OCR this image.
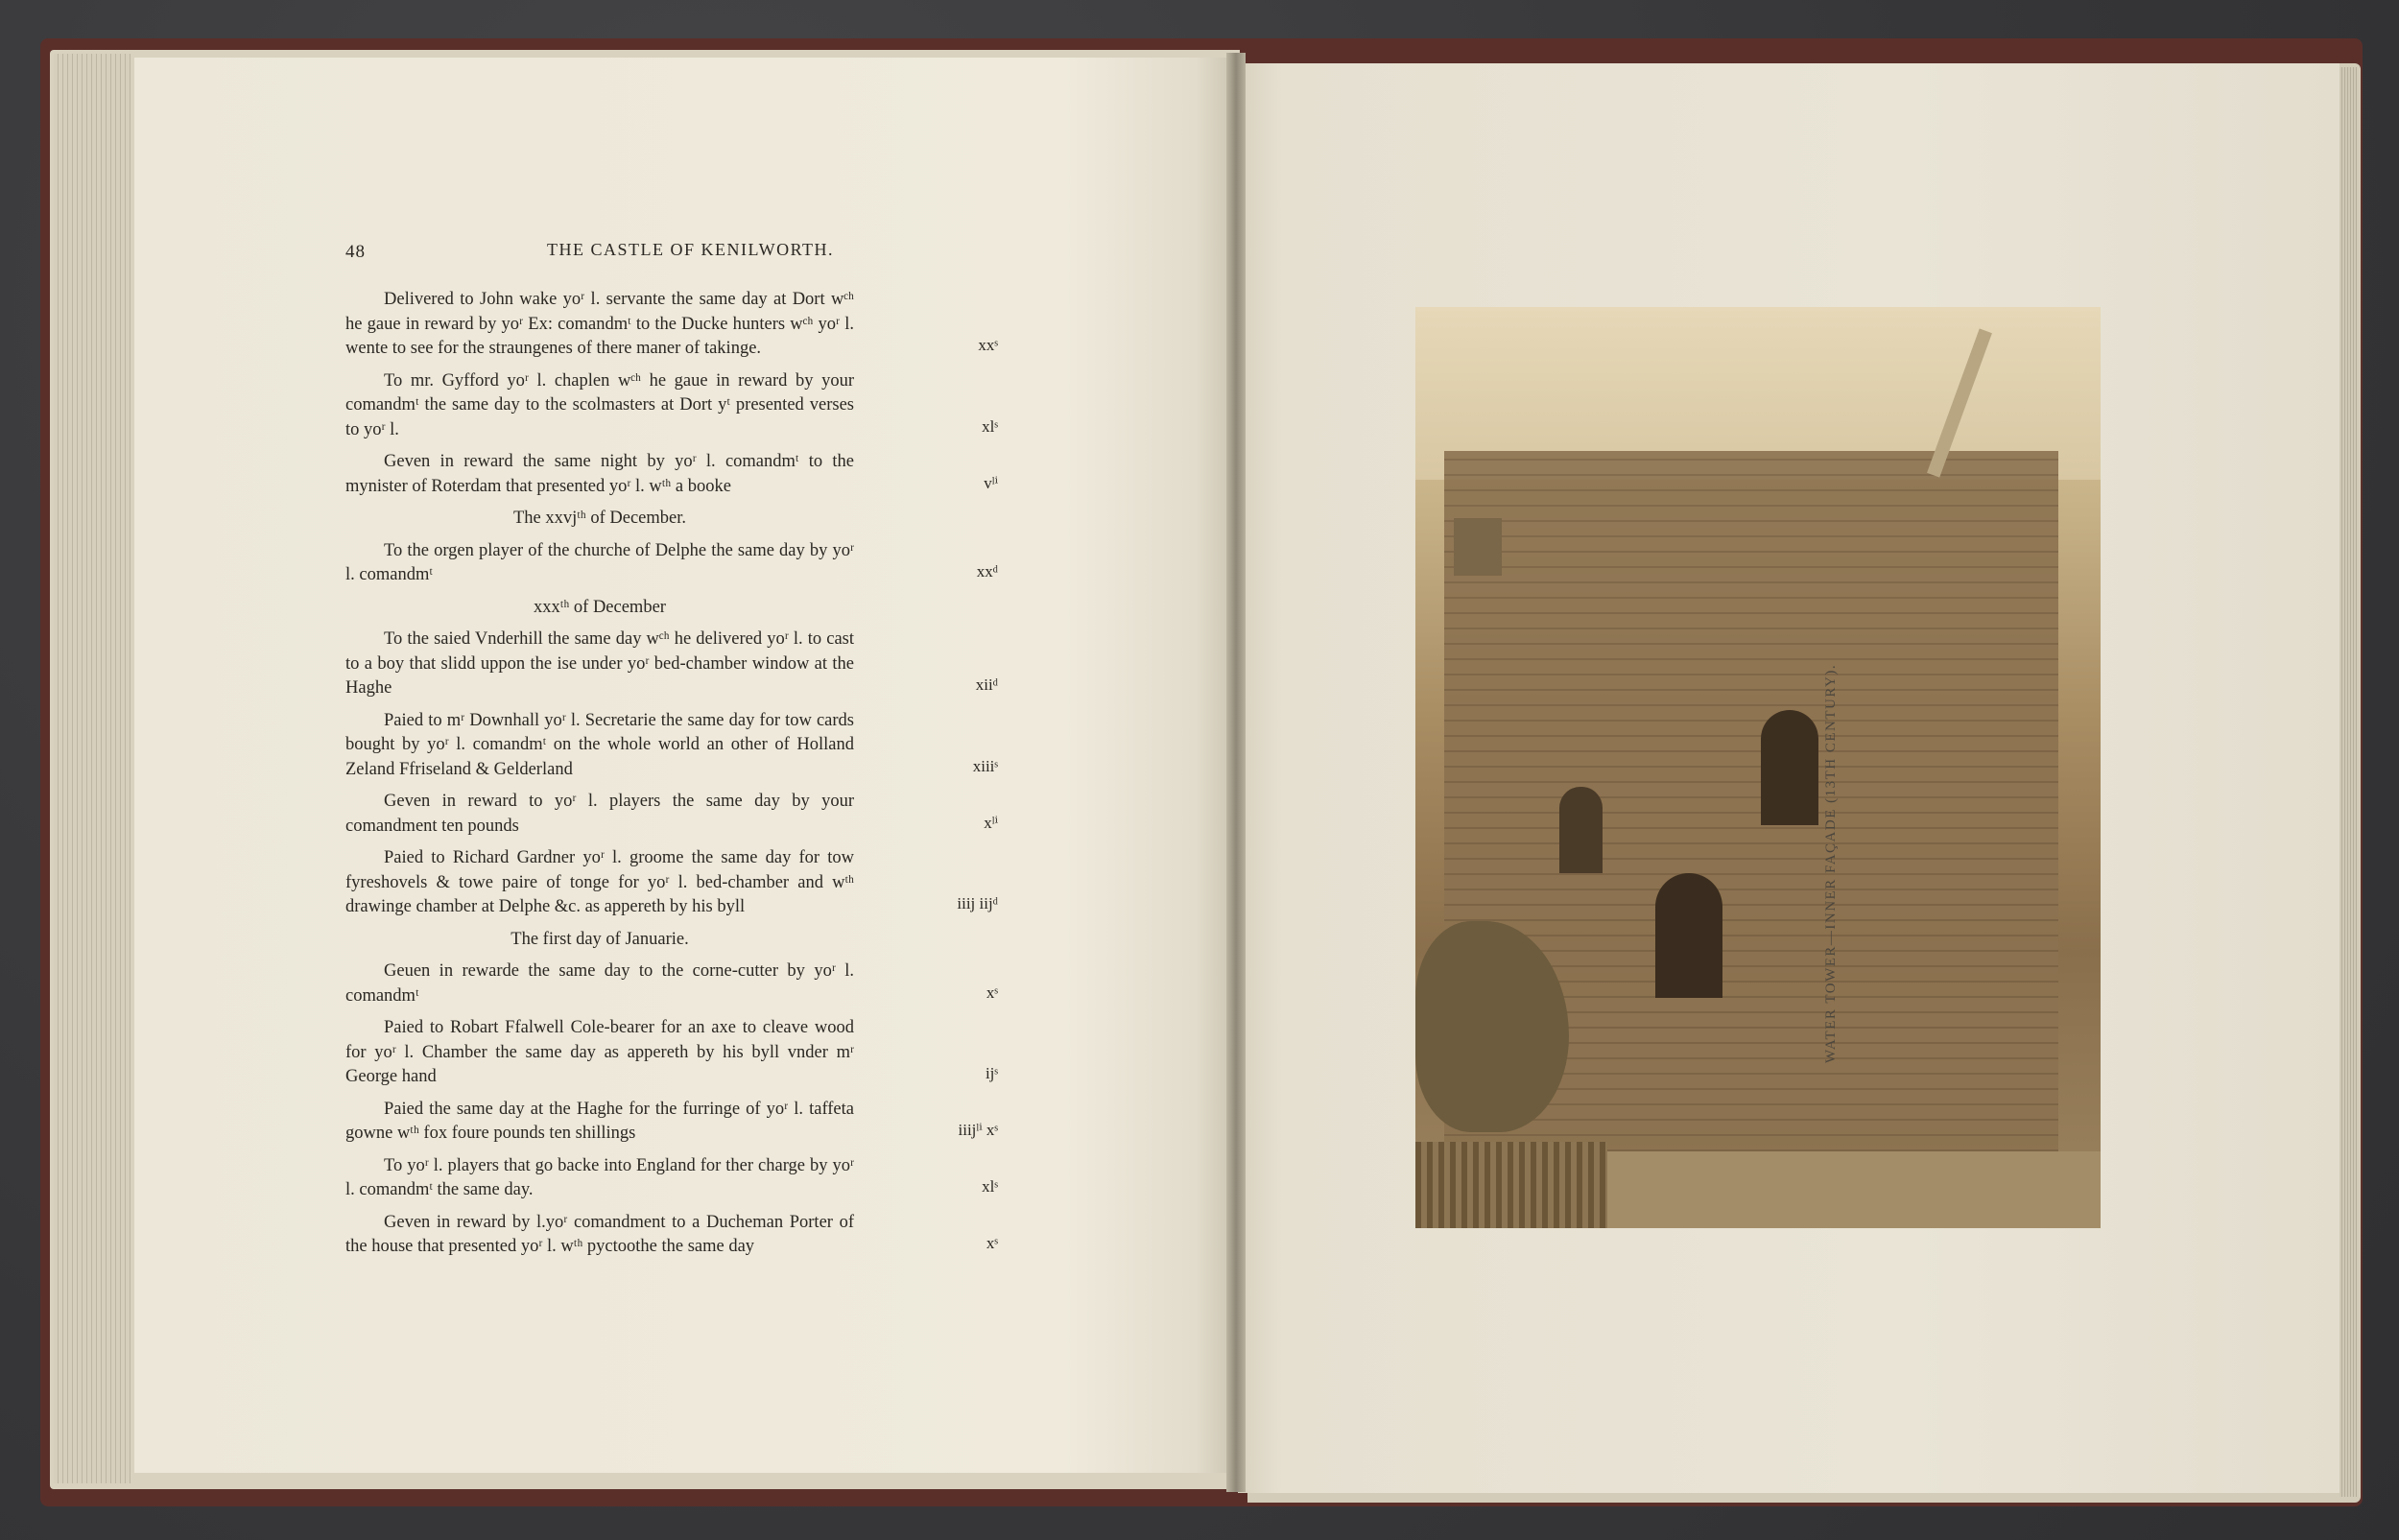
48	THE CASTLE OF KENILWORTH.

Delivered to John wake yoʳ l. servante the same day at Dort wᶜʰ he gaue in reward by yoʳ Ex: comandmᵗ to the Ducke hunters wᶜʰ yoʳ l. wente to see for the straungenes of there maner of takinge.	xxˢ

To mr. Gyfford yoʳ l. chaplen wᶜʰ he gaue in reward by your comandmᵗ the same day to the scolmasters at Dort yᵗ presented verses to yoʳ l.	xlˢ

Geven in reward the same night by yoʳ l. comandmᵗ to the mynister of Roterdam that presented yoʳ l. wᵗʰ a booke	vˡⁱ
The xxvjᵗʰ of December.

To the orgen player of the churche of Delphe the same day by yoʳ l. comandmᵗ	xxᵈ
xxxᵗʰ of December

To the saied Vnderhill the same day wᶜʰ he delivered yoʳ l. to cast to a boy that slidd uppon the ise under yoʳ bed-chamber window at the Haghe	xiiᵈ

Paied to mʳ Downhall yoʳ l. Secretarie the same day for tow cards bought by yoʳ l. comandmᵗ on the whole world an other of Holland Zeland Ffriseland & Gelderland	xiiiˢ

Geven in reward to yoʳ l. players the same day by your comandment ten pounds	xˡⁱ

Paied to Richard Gardner yoʳ l. groome the same day for tow fyreshovels & towe paire of tonge for yoʳ l. bed-chamber and wᵗʰ drawinge chamber at Delphe &c. as appereth by his byll	iiij iijᵈ
The first day of Januarie.

Geuen in rewarde the same day to the corne-cutter by yoʳ l. comandmᵗ	xˢ

Paied to Robart Ffalwell Cole-bearer for an axe to cleave wood for yoʳ l. Chamber the same day as appereth by his byll vnder mʳ George hand	ijˢ

Paied the same day at the Haghe for the furringe of yoʳ l. taffeta gowne wᵗʰ fox foure pounds ten shillings	iiijˡⁱ xˢ

To yoʳ l. players that go backe into England for ther charge by yoʳ l. comandmᵗ the same day.	xlˢ

Geven in reward by l.yoʳ comandment to a Ducheman Porter of the house that presented yoʳ l. wᵗʰ pyctoothe the same day	xˢ
WATER TOWER—INNER FAÇADE (13TH CENTURY).
